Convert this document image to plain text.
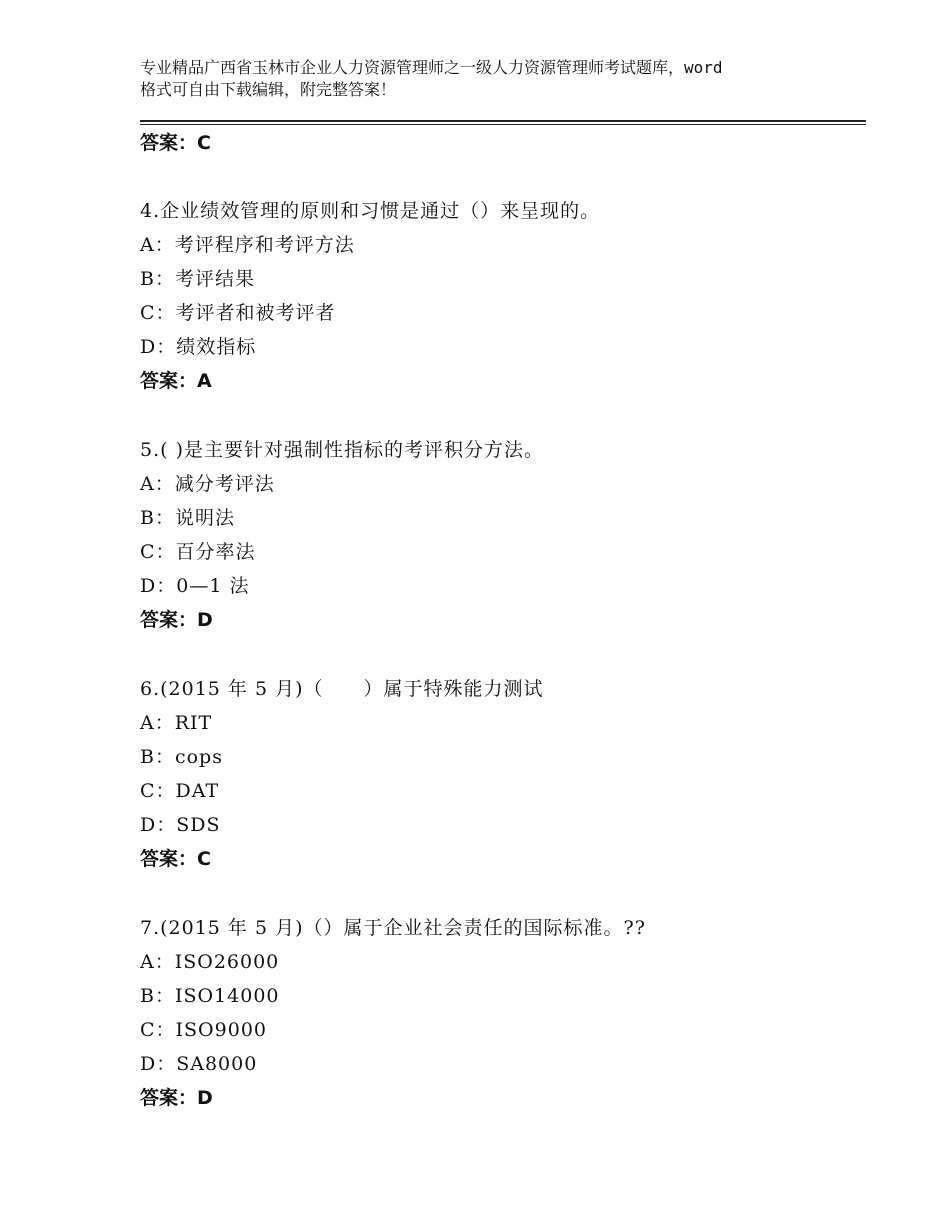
专业精品广西省玉林市企业人力资源管理师之一级人力资源管理师考试题库，word
格式可自由下载编辑，附完整答案！
答案：C
4.企业绩效管理的原则和习惯是通过（）来呈现的。
A：考评程序和考评方法
B：考评结果
C：考评者和被考评者
D：绩效指标
答案：A
5.( )是主要针对强制性指标的考评积分方法。
A：减分考评法
B：说明法
C：百分率法
D：0—1 法
答案：D
6.(2015 年 5 月)（　　）属于特殊能力测试
A：RIT
B：cops
C：DAT
D：SDS
答案：C
7.(2015 年 5 月)（）属于企业社会责任的国际标准。??
A：ISO26000
B：ISO14000
C：ISO9000
D：SA8000
答案：D
